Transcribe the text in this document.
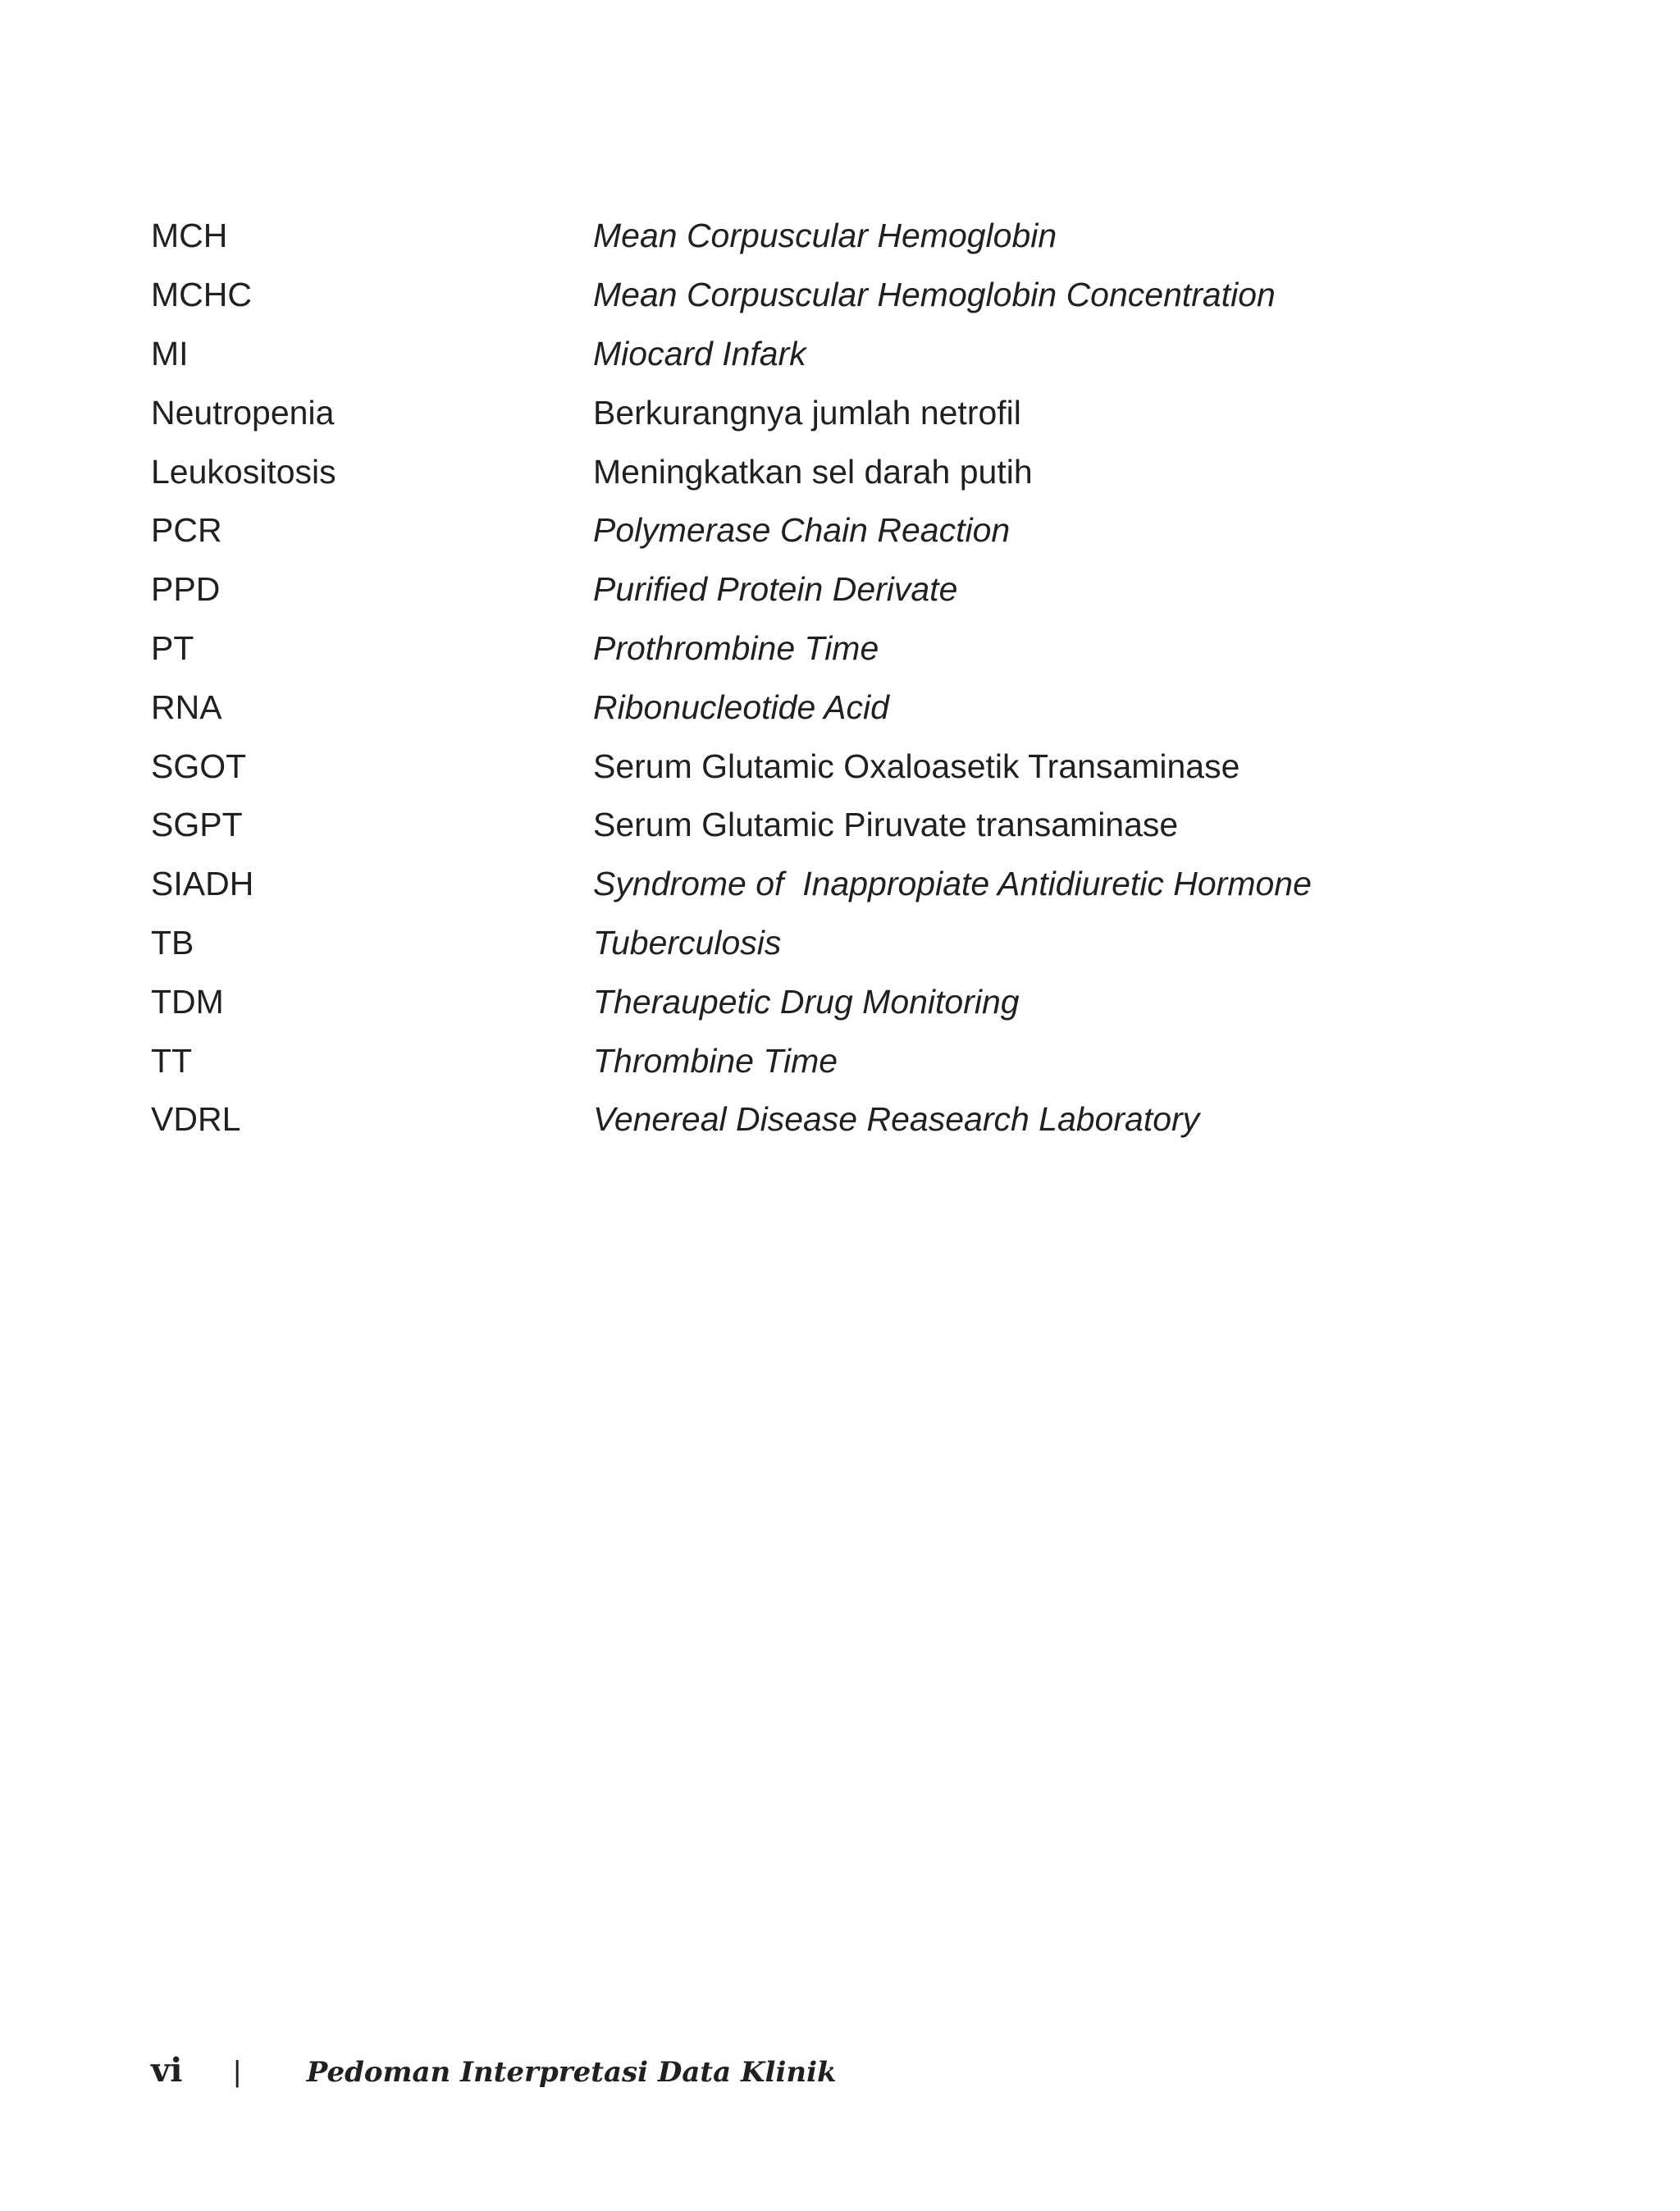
MCH	Mean Corpuscular Hemoglobin
MCHC	Mean Corpuscular Hemoglobin Concentration
MI	Miocard Infark
Neutropenia	Berkurangnya jumlah netrofil
Leukositosis	Meningkatkan sel darah putih
PCR	Polymerase Chain Reaction
PPD	Purified Protein Derivate
PT	Prothrombine Time
RNA	Ribonucleotide Acid
SGOT	Serum Glutamic Oxaloasetik Transaminase
SGPT	Serum Glutamic Piruvate transaminase
SIADH	Syndrome of  Inappropiate Antidiuretic Hormone
TB	Tuberculosis
TDM	Theraupetic Drug Monitoring
TT	Thrombine Time
VDRL	Venereal Disease Reasearch Laboratory
vi | Pedoman Interpretasi Data Klinik
